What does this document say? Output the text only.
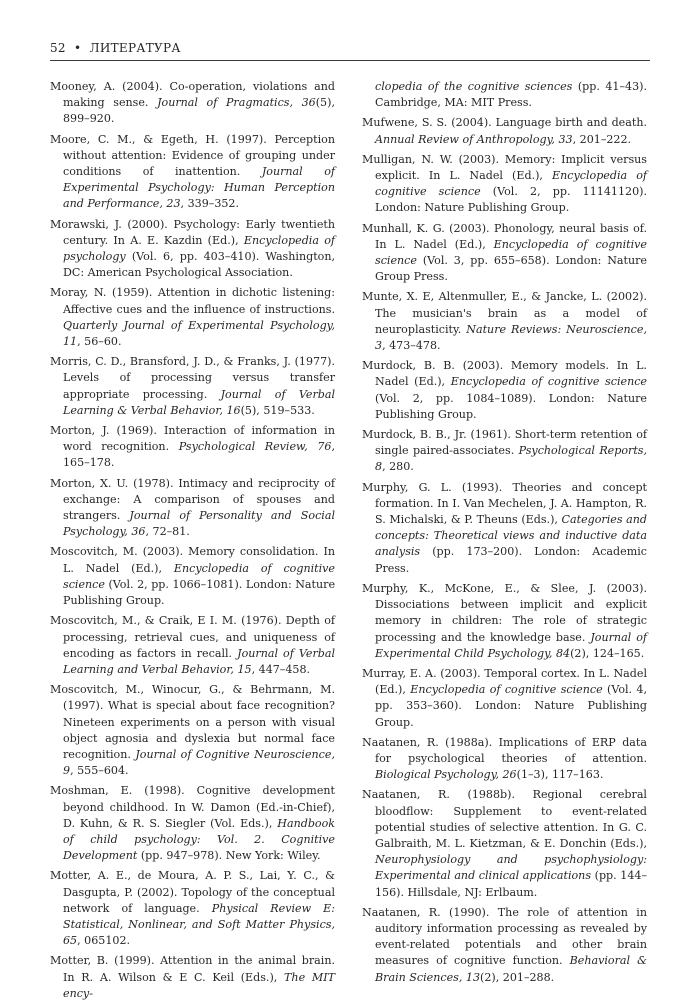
52 • ЛИТЕРАТУРА

Mooney, A. (2004). Co-operation, violations and making sense. Journal of Pragmatics, 36(5), 899–920.

Moore, C. M., & Egeth, H. (1997). Perception without attention: Evidence of grouping under conditions of inattention. Journal of Experimental Psychology: Human Perception and Performance, 23, 339–352.

Morawski, J. (2000). Psychology: Early twentieth century. In A. E. Kazdin (Ed.), Encyclopedia of psychology (Vol. 6, pp. 403–410). Washington, DC: American Psychological Association.

Moray, N. (1959). Attention in dichotic listening: Affective cues and the influence of instructions. Quarterly Journal of Experimental Psychology, 11, 56–60.

Morris, C. D., Bransford, J. D., & Franks, J. (1977). Levels of processing versus transfer appropriate processing. Journal of Verbal Learning & Verbal Behavior, 16(5), 519–533.

Morton, J. (1969). Interaction of information in word recognition. Psychological Review, 76, 165–178.

Morton, X. U. (1978). Intimacy and reciprocity of exchange: A comparison of spouses and strangers. Journal of Personality and Social Psychology, 36, 72–81.

Moscovitch, M. (2003). Memory consolidation. In L. Nadel (Ed.), Encyclopedia of cognitive science (Vol. 2, pp. 1066–1081). London: Nature Publishing Group.

Moscovitch, M., & Craik, E I. M. (1976). Depth of processing, retrieval cues, and uniqueness of encoding as factors in recall. Journal of Verbal Learning and Verbal Behavior, 15, 447–458.

Moscovitch, M., Winocur, G., & Behrmann, M. (1997). What is special about face recognition? Nineteen experiments on a person with visual object agnosia and dyslexia but normal face recognition. Journal of Cognitive Neuroscience, 9, 555–604.

Moshman, E. (1998). Cognitive development beyond childhood. In W. Damon (Ed.-in-Chief), D. Kuhn, & R. S. Siegler (Vol. Eds.), Handbook of child psychology: Vol. 2. Cognitive Development (pp. 947–978). New York: Wiley.

Motter, A. E., de Moura, A. P. S., Lai, Y. C., & Dasgupta, P. (2002). Topology of the conceptual network of language. Physical Review E: Statistical, Nonlinear, and Soft Matter Physics, 65, 065102.

Motter, B. (1999). Attention in the animal brain. In R. A. Wilson & E C. Keil (Eds.), The MIT ency-

clopedia of the cognitive sciences (pp. 41–43). Cambridge, MA: MIT Press.

Mufwene, S. S. (2004). Language birth and death. Annual Review of Anthropology, 33, 201–222.

Mulligan, N. W. (2003). Memory: Implicit versus explicit. In L. Nadel (Ed.), Encyclopedia of cognitive science (Vol. 2, pp. 11141120). London: Nature Publishing Group.

Munhall, K. G. (2003). Phonology, neural basis of. In L. Nadel (Ed.), Encyclopedia of cognitive science (Vol. 3, pp. 655–658). London: Nature Group Press.

Munte, X. E, Altenmuller, E., & Jancke, L. (2002). The musician's brain as a model of neuroplasticity. Nature Reviews: Neuroscience, 3, 473–478.

Murdock, B. B. (2003). Memory models. In L. Nadel (Ed.), Encyclopedia of cognitive science (Vol. 2, pp. 1084–1089). London: Nature Publishing Group.

Murdock, B. B., Jr. (1961). Short-term retention of single paired-associates. Psychological Reports, 8, 280.

Murphy, G. L. (1993). Theories and concept formation. In I. Van Mechelen, J. A. Hampton, R. S. Michalski, & P. Theuns (Eds.), Categories and concepts: Theoretical views and inductive data analysis (pp. 173–200). London: Academic Press.

Murphy, K., McKone, E., & Slee, J. (2003). Dissociations between implicit and explicit memory in children: The role of strategic processing and the knowledge base. Journal of Experimental Child Psychology, 84(2), 124–165.

Murray, E. A. (2003). Temporal cortex. In L. Nadel (Ed.), Encyclopedia of cognitive science (Vol. 4, pp. 353–360). London: Nature Publishing Group.

Naatanen, R. (1988a). Implications of ERP data for psychological theories of attention. Biological Psychology, 26(1–3), 117–163.

Naatanen, R. (1988b). Regional cerebral bloodflow: Supplement to event-related potential studies of selective attention. In G. C. Galbraith, M. L. Kietzman, & E. Donchin (Eds.), Neurophysiology and psychophysiology: Experimental and clinical applications (pp. 144–156). Hillsdale, NJ: Erlbaum.

Naatanen, R. (1990). The role of attention in auditory information processing as revealed by event-related potentials and other brain measures of cognitive function. Behavioral & Brain Sciences, 13(2), 201–288.
